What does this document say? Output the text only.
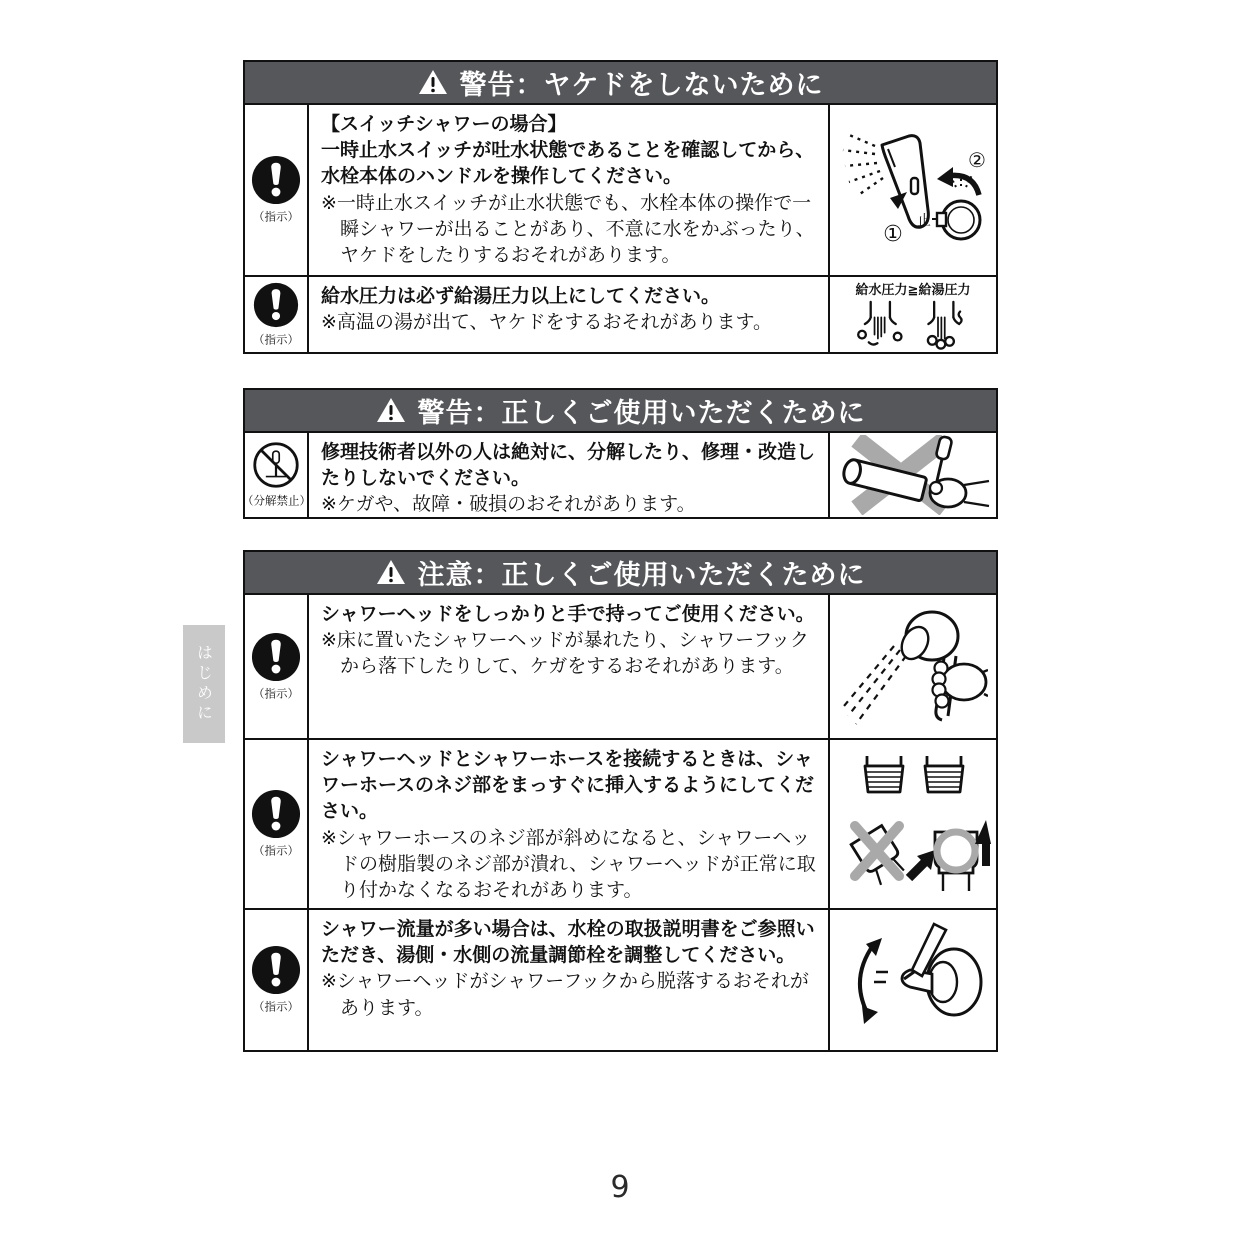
はじめに
警告：ヤケドをしないために
（指示）

【スイッチシャワーの場合】

一時止水スイッチが吐水状態であることを確認してから、水栓本体のハンドルを操作してください。

※一時止水スイッチが止水状態でも、水栓本体の操作で一瞬シャワーが出ることがあり、不意に水をかぶったり、ヤケドをしたりするおそれがあります。

①
止
②
（指示）

給水圧力は必ず給湯圧力以上にしてください。

※高温の湯が出て、ヤケドをするおそれがあります。

給水圧力≧給湯圧力
警告：正しくご使用いただくために
（分解禁止）

修理技術者以外の人は絶対に、分解したり、修理・改造したりしないでください。

※ケガや、故障・破損のおそれがあります。

注意：正しくご使用いただくために
（指示）

シャワーヘッドをしっかりと手で持ってご使用ください。

※床に置いたシャワーヘッドが暴れたり、シャワーフックから落下したりして、ケガをするおそれがあります。

（指示）

シャワーヘッドとシャワーホースを接続するときは、シャワーホースのネジ部をまっすぐに挿入するようにしてください。

※シャワーホースのネジ部が斜めになると、シャワーヘッドの樹脂製のネジ部が潰れ、シャワーヘッドが正常に取り付かなくなるおそれがあります。

（指示）

シャワー流量が多い場合は、水栓の取扱説明書をご参照いただき、湯側・水側の流量調節栓を調整してください。

※シャワーヘッドがシャワーフックから脱落するおそれがあります。

9
